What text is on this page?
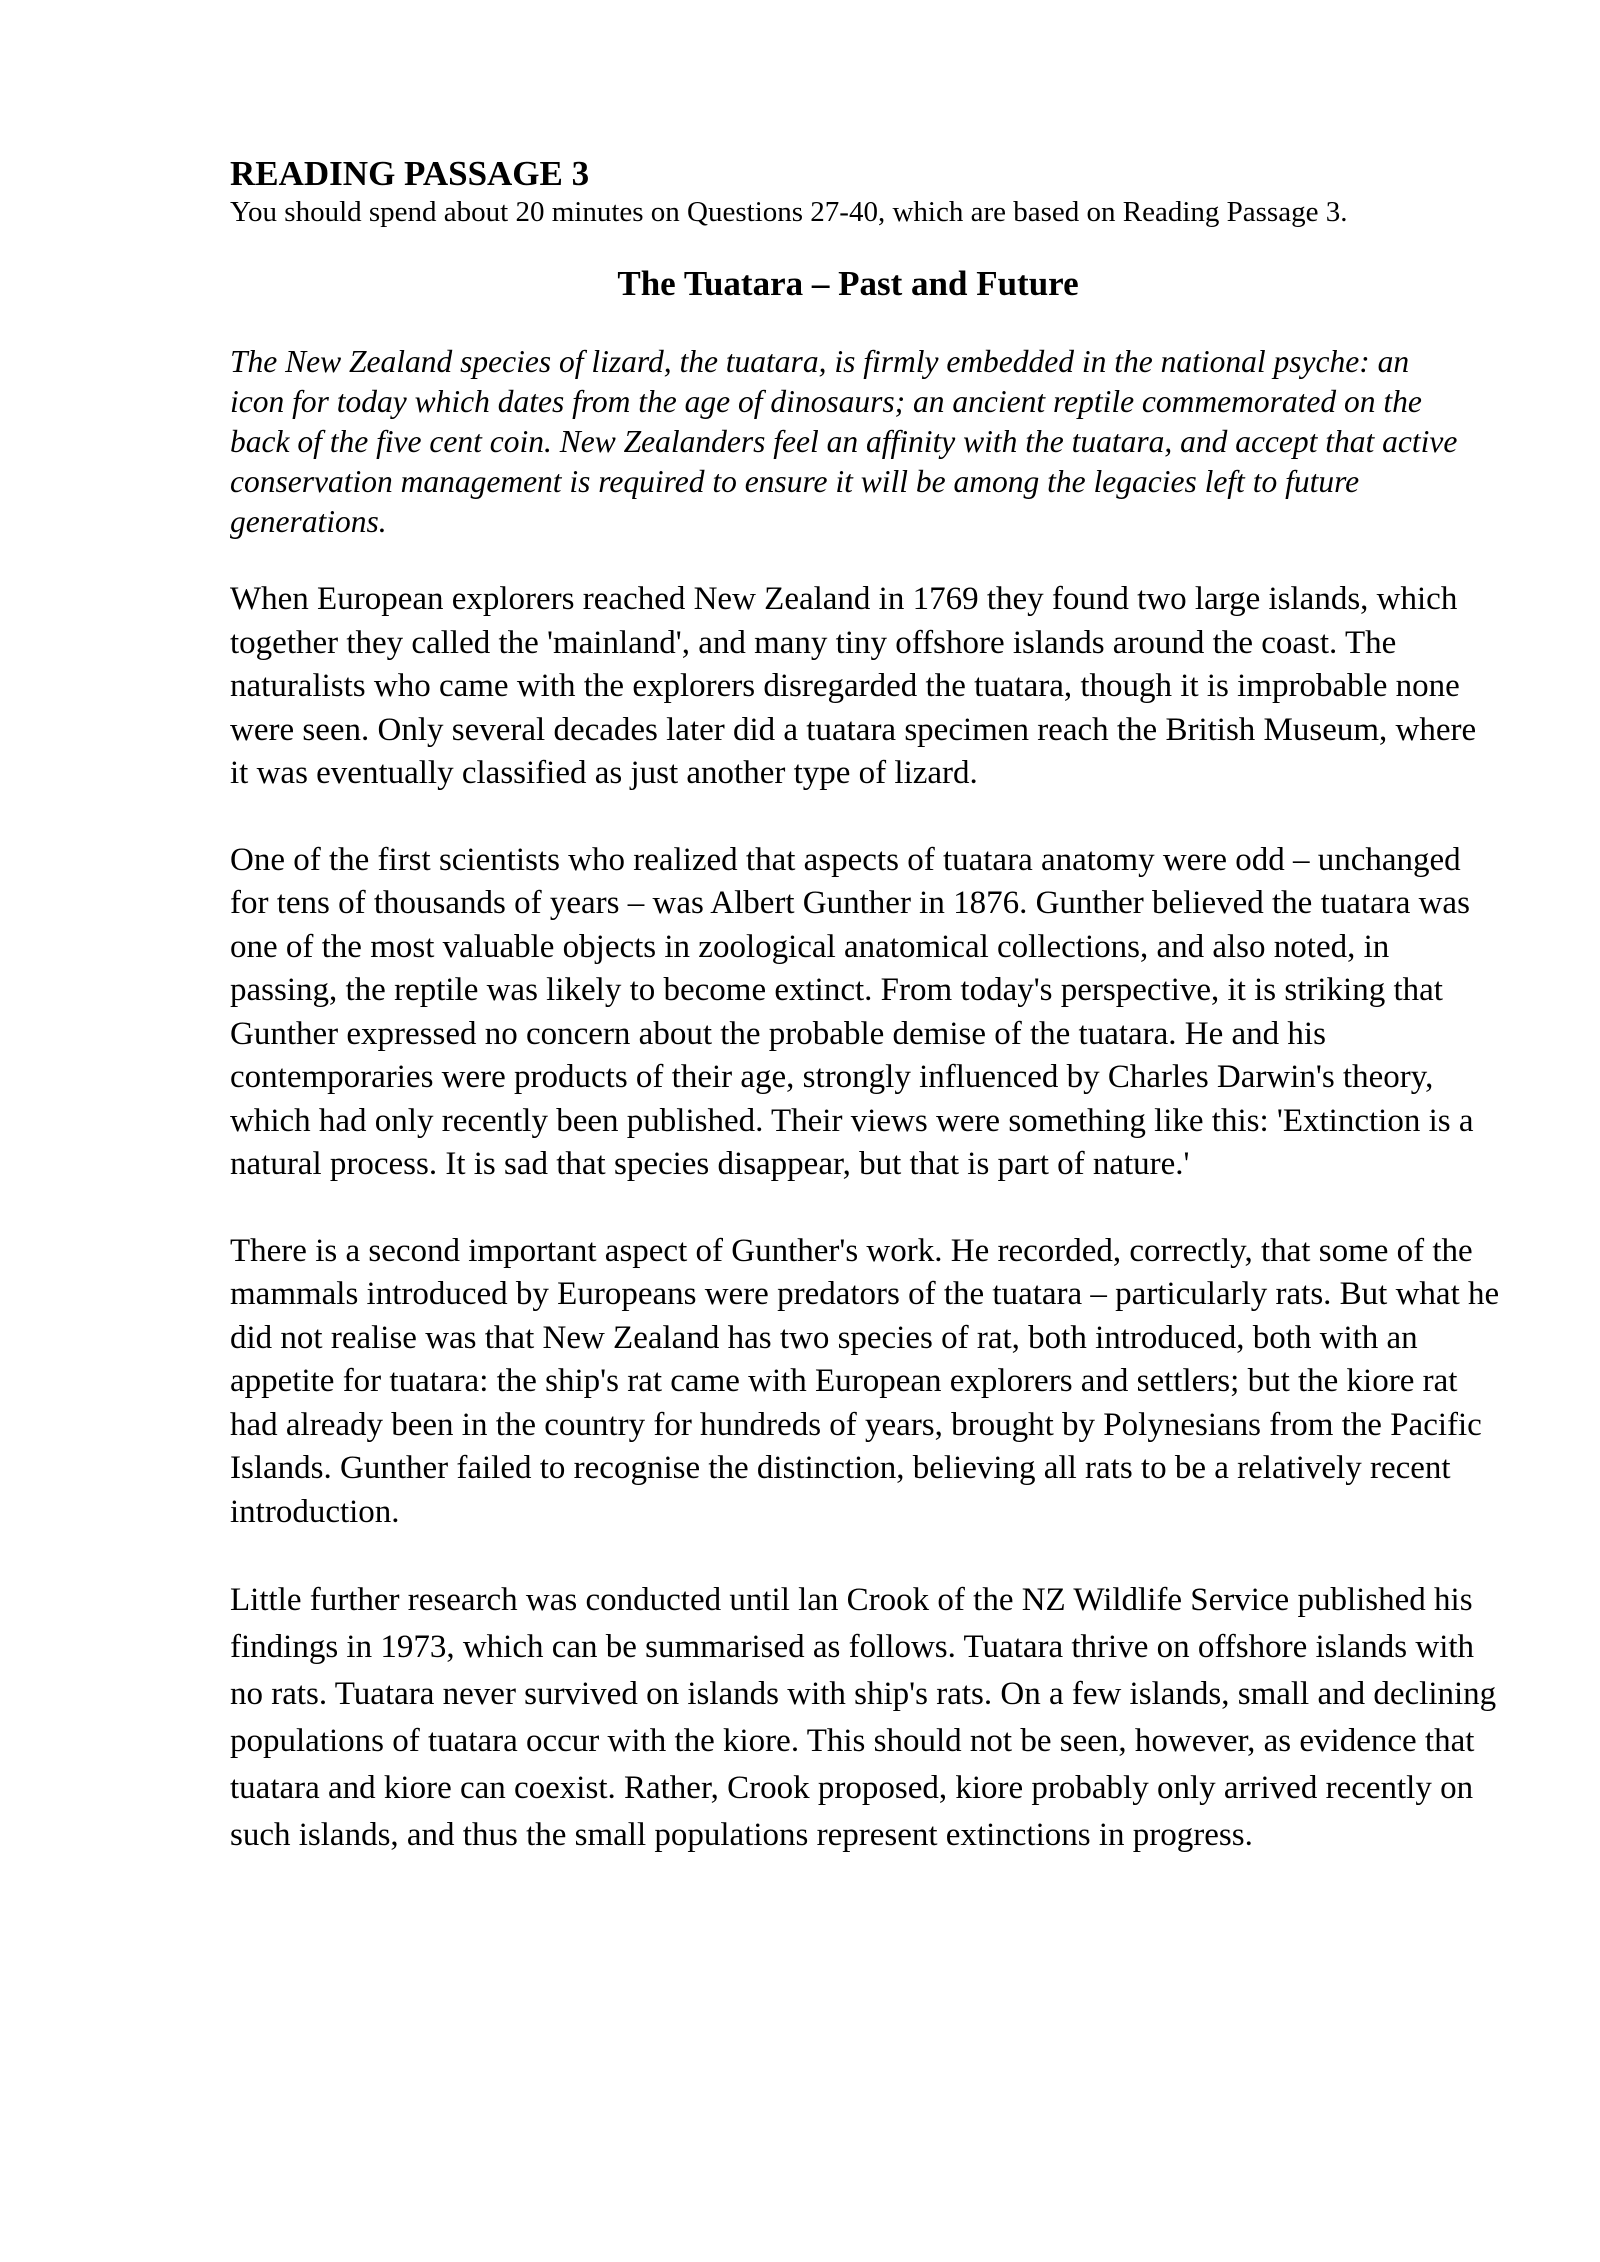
READING PASSAGE 3

You should spend about 20 minutes on Questions 27-40, which are based on Reading Passage 3.

The Tuatara – Past and Future

The New Zealand species of lizard, the tuatara, is firmly embedded in the national psyche: an icon for today which dates from the age of dinosaurs; an ancient reptile commemorated on the back of the five cent coin. New Zealanders feel an affinity with the tuatara, and accept that active conservation management is required to ensure it will be among the legacies left to future generations.

When European explorers reached New Zealand in 1769 they found two large islands, which together they called the 'mainland', and many tiny offshore islands around the coast. The naturalists who came with the explorers disregarded the tuatara, though it is improbable none were seen. Only several decades later did a tuatara specimen reach the British Museum, where it was eventually classified as just another type of lizard.

One of the first scientists who realized that aspects of tuatara anatomy were odd – unchanged for tens of thousands of years – was Albert Gunther in 1876. Gunther believed the tuatara was one of the most valuable objects in zoological anatomical collections, and also noted, in passing, the reptile was likely to become extinct. From today's perspective, it is striking that Gunther expressed no concern about the probable demise of the tuatara. He and his contemporaries were products of their age, strongly influenced by Charles Darwin's theory, which had only recently been published. Their views were something like this: 'Extinction is a natural process. It is sad that species disappear, but that is part of nature.'

There is a second important aspect of Gunther's work. He recorded, correctly, that some of the mammals introduced by Europeans were predators of the tuatara – particularly rats. But what he did not realise was that New Zealand has two species of rat, both introduced, both with an appetite for tuatara: the ship's rat came with European explorers and settlers; but the kiore rat had already been in the country for hundreds of years, brought by Polynesians from the Pacific Islands. Gunther failed to recognise the distinction, believing all rats to be a relatively recent introduction.

Little further research was conducted until lan Crook of the NZ Wildlife Service published his findings in 1973, which can be summarised as follows. Tuatara thrive on offshore islands with no rats. Tuatara never survived on islands with ship's rats. On a few islands, small and declining populations of tuatara occur with the kiore. This should not be seen, however, as evidence that tuatara and kiore can coexist. Rather, Crook proposed, kiore probably only arrived recently on such islands, and thus the small populations represent extinctions in progress.
